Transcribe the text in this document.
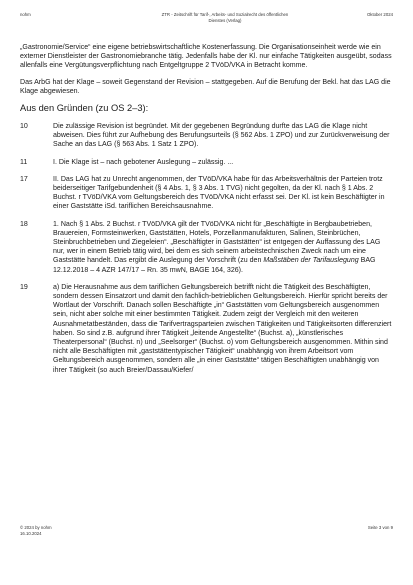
nohm	ZTR - Zeitschrift für Tarif-, Arbeits- und Sozialrecht des öffentlichen
Dienstes (Verlag)
Oktober 2024

„Gastronomie/Service“ eine eigene betriebswirtschaftliche Kostenerfassung. Die Organisationseinheit werde wie ein externer Dienstleister der Gastronomiebranche tätig. Jedenfalls habe der Kl. nur einfache Tätigkeiten ausgeübt, sodass allenfalls eine Vergütungsverpflichtung nach Entgeltgruppe 2 TVöD/VKA in Betracht komme.

Das ArbG hat der Klage – soweit Gegenstand der Revision – stattgegeben. Auf die Berufung der Bekl. hat das LAG die Klage abgewiesen.

Aus den Gründen (zu OS 2–3):
10	Die zulässige Revision ist begründet. Mit der gegebenen Begründung durfte das LAG die Klage nicht abweisen. Dies führt zur Aufhebung des Berufungsurteils (§ 562 Abs. 1 ZPO) und zur Zurückverweisung der Sache an das LAG (§ 563 Abs. 1 Satz 1 ZPO).
11	I. Die Klage ist – nach gebotener Auslegung – zulässig. ...
17	II. Das LAG hat zu Unrecht angenommen, der TVöD/VKA habe für das Arbeitsverhältnis der Parteien trotz beiderseitiger Tarifgebundenheit (§ 4 Abs. 1, § 3 Abs. 1 TVG) nicht gegolten, da der Kl. nach § 1 Abs. 2 Buchst. r TVöD/VKA vom Geltungsbereich des TVöD/VKA nicht erfasst sei. Der Kl. ist kein Beschäftigter in einer Gaststätte iSd. tariflichen Bereichsausnahme.
18	1. Nach § 1 Abs. 2 Buchst. r TVöD/VKA gilt der TVöD/VKA nicht für „Beschäftigte in Bergbaubetrieben, Brauereien, Formsteinwerken, Gaststätten, Hotels, Porzellanmanufakturen, Salinen, Steinbrüchen, Steinbruchbetrieben und Ziegeleien“. „Beschäftigter in Gaststätten“ ist entgegen der Auffassung des LAG nur, wer in einem Betrieb tätig wird, bei dem es sich seinem arbeitstechnischen Zweck nach um eine Gaststätte handelt. Das ergibt die Auslegung der Vorschrift (zu den Maßstäben der Tarifauslegung BAG 12.12.2018 – 4 AZR 147/17 – Rn. 35 mwN, BAGE 164, 326).
19	a) Die Herausnahme aus dem tariflichen Geltungsbereich betrifft nicht die Tätigkeit des Beschäftigten, sondern dessen Einsatzort und damit den fachlich-betrieblichen Geltungsbereich. Hierfür spricht bereits der Wortlaut der Vorschrift. Danach sollen Beschäftigte „in“ Gaststätten vom Geltungsbereich ausgenommen sein, nicht aber solche mit einer bestimmten Tätigkeit. Zudem zeigt der Vergleich mit den weiteren Ausnahmetatbeständen, dass die Tarifvertragsparteien zwischen Tätigkeiten und Tätigkeitsorten differenziert haben. So sind z.B. aufgrund ihrer Tätigkeit „leitende Angestellte“ (Buchst. a), „künstlerisches Theaterpersonal“ (Buchst. n) und „Seelsorger“ (Buchst. o) vom Geltungsbereich ausgenommen. Mithin sind nicht alle Beschäftigten mit „gaststättentypischer Tätigkeit“ unabhängig von ihrem Arbeitsort vom Geltungsbereich ausgenommen, sondern alle „in einer Gaststätte“ tätigen Beschäftigten unabhängig von ihrer Tätigkeit (so auch Breier/Dassau/Kiefer/
© 2024 by nohm
16.10.2024
Seite 3 von 9
